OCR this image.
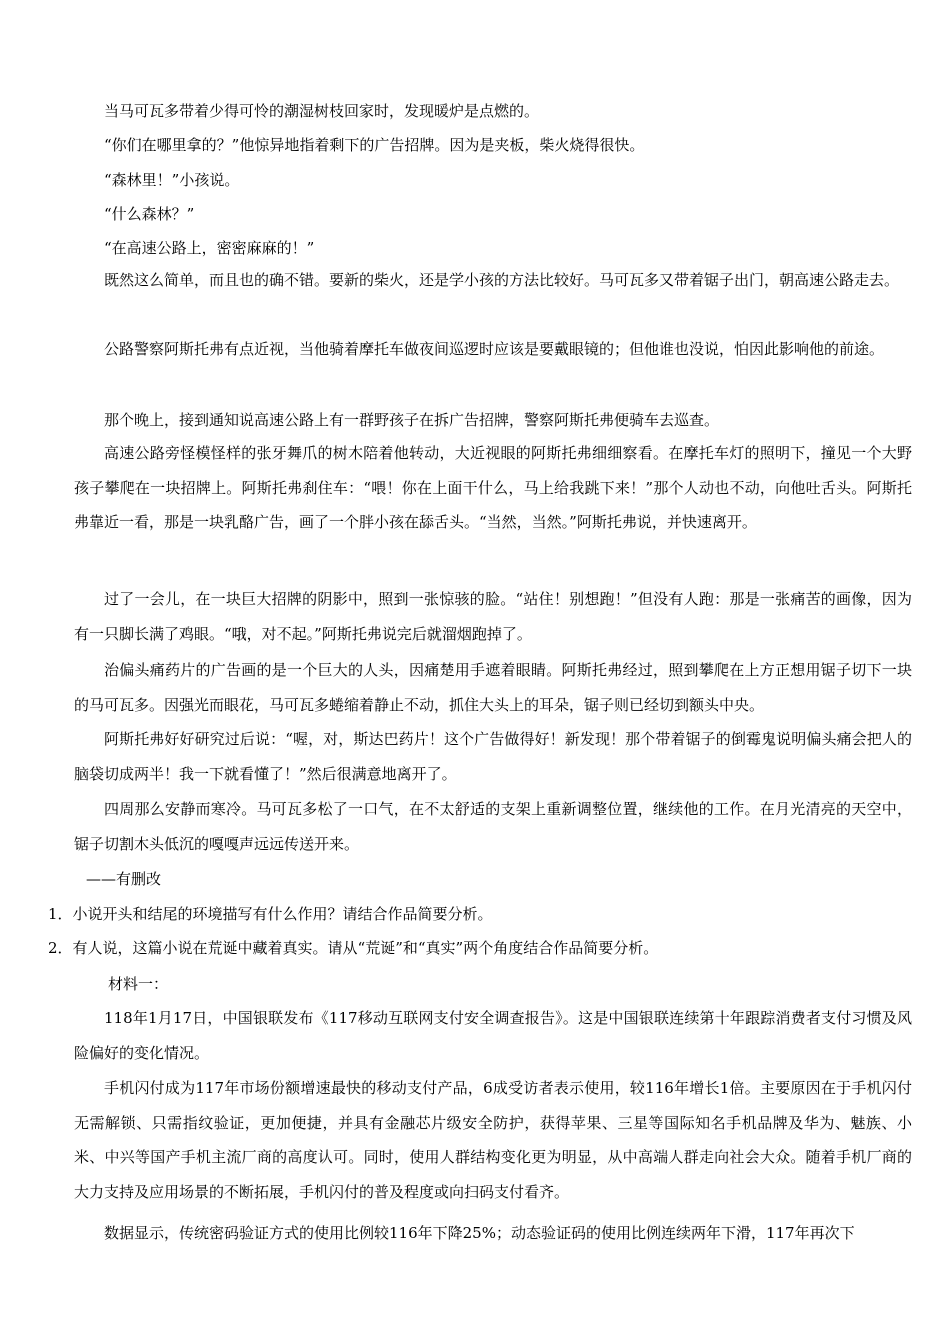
当马可瓦多带着少得可怜的潮湿树枝回家时，发现暖炉是点燃的。

“你们在哪里拿的？”他惊异地指着剩下的广告招牌。因为是夹板，柴火烧得很快。

“森林里！”小孩说。

“什么森林？”

“在高速公路上，密密麻麻的！”

既然这么简单，而且也的确不错。要新的柴火，还是学小孩的方法比较好。马可瓦多又带着锯子出门，朝高速公路走去。

公路警察阿斯托弗有点近视，当他骑着摩托车做夜间巡逻时应该是要戴眼镜的；但他谁也没说，怕因此影响他的前途。

那个晚上，接到通知说高速公路上有一群野孩子在拆广告招牌，警察阿斯托弗便骑车去巡查。

高速公路旁怪模怪样的张牙舞爪的树木陪着他转动，大近视眼的阿斯托弗细细察看。在摩托车灯的照明下，撞见一个大野孩子攀爬在一块招牌上。阿斯托弗刹住车：“喂！你在上面干什么，马上给我跳下来！”那个人动也不动，向他吐舌头。阿斯托弗靠近一看，那是一块乳酪广告，画了一个胖小孩在舔舌头。“当然，当然。”阿斯托弗说，并快速离开。

过了一会儿，在一块巨大招牌的阴影中，照到一张惊骇的脸。“站住！别想跑！”但没有人跑：那是一张痛苦的画像，因为有一只脚长满了鸡眼。“哦，对不起。”阿斯托弗说完后就溜烟跑掉了。

治偏头痛药片的广告画的是一个巨大的人头，因痛楚用手遮着眼睛。阿斯托弗经过，照到攀爬在上方正想用锯子切下一块的马可瓦多。因强光而眼花，马可瓦多蜷缩着静止不动，抓住大头上的耳朵，锯子则已经切到额头中央。

阿斯托弗好好研究过后说：“喔，对，斯达巴药片！这个广告做得好！新发现！那个带着锯子的倒霉鬼说明偏头痛会把人的脑袋切成两半！我一下就看懂了！”然后很满意地离开了。

四周那么安静而寒冷。马可瓦多松了一口气，在不太舒适的支架上重新调整位置，继续他的工作。在月光清亮的天空中，锯子切割木头低沉的嘎嘎声远远传送开来。

——有删改

1．小说开头和结尾的环境描写有什么作用？请结合作品简要分析。

2．有人说，这篇小说在荒诞中藏着真实。请从“荒诞”和“真实”两个角度结合作品简要分析。

材料一：

118年1月17日，中国银联发布《117移动互联网支付安全调查报告》。这是中国银联连续第十年跟踪消费者支付习惯及风险偏好的变化情况。

手机闪付成为117年市场份额增速最快的移动支付产品，6成受访者表示使用，较116年增长1倍。主要原因在于手机闪付无需解锁、只需指纹验证，更加便捷，并具有金融芯片级安全防护，获得苹果、三星等国际知名手机品牌及华为、魅族、小米、中兴等国产手机主流厂商的高度认可。同时，使用人群结构变化更为明显，从中高端人群走向社会大众。随着手机厂商的大力支持及应用场景的不断拓展，手机闪付的普及程度或向扫码支付看齐。

数据显示，传统密码验证方式的使用比例较116年下降25%；动态验证码的使用比例连续两年下滑，117年再次下
